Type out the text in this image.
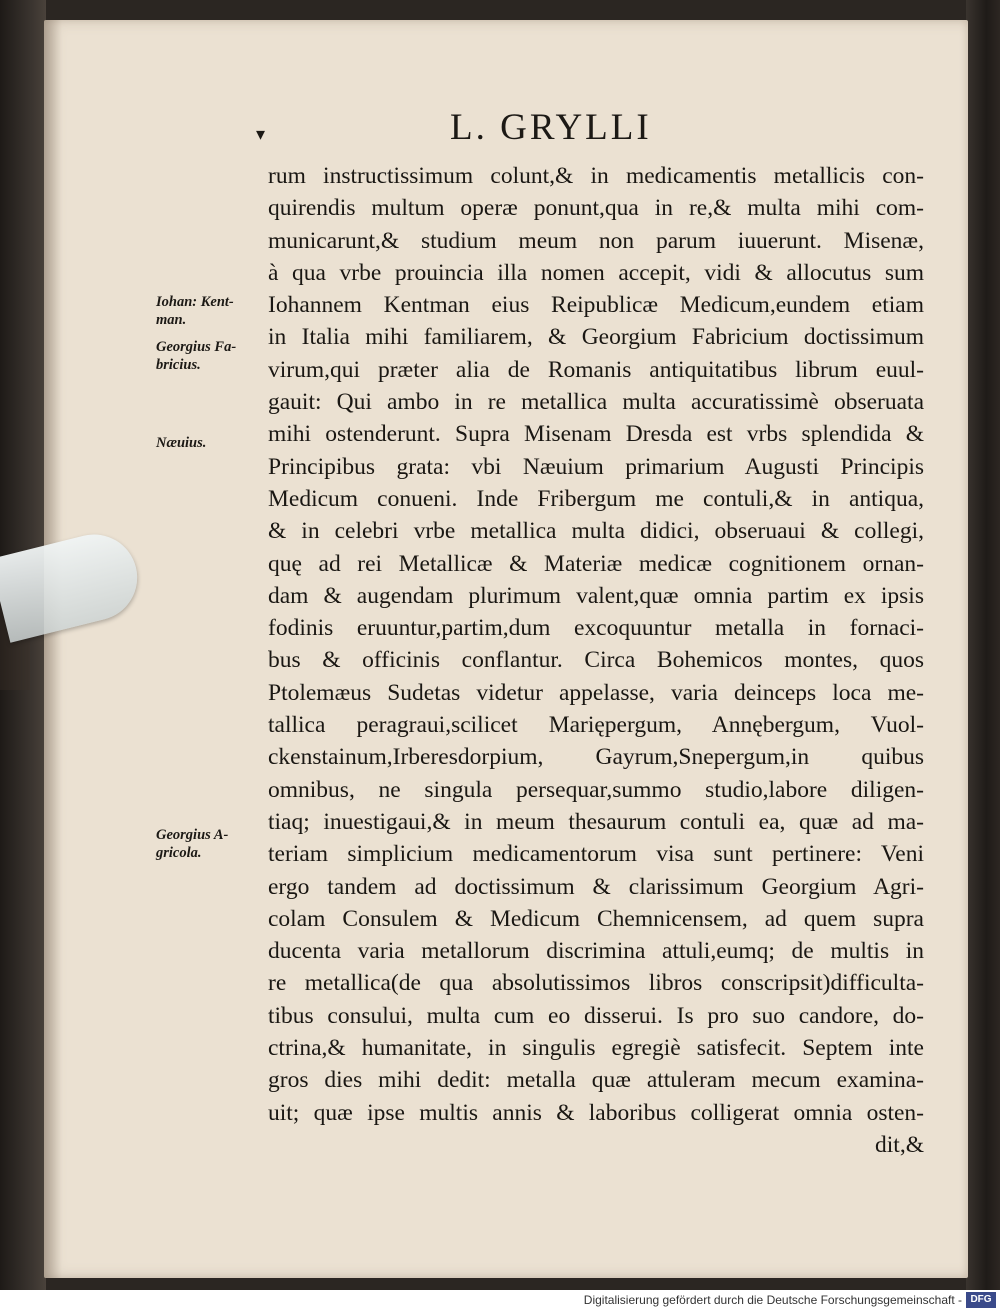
▾	L. GRYLLI
rum instructissimum colunt,& in medicamentis metallicis con-
quirendis multum operæ ponunt,qua in re,& multa mihi com-
municarunt,& studium meum non parum iuuerunt. Misenæ,
à qua vrbe prouincia illa nomen accepit, vidi & allocutus sum
Iohannem Kentman eius Reipublicæ Medicum,eundem etiam
in Italia mihi familiarem, & Georgium Fabricium doctissimum
virum,qui præter alia de Romanis antiquitatibus librum euul-
gauit: Qui ambo in re metallica multa accuratissimè obseruata
mihi ostenderunt. Supra Misenam Dresda est vrbs splendida &
Principibus grata: vbi Næuium primarium Augusti Principis
Medicum conueni. Inde Fribergum me contuli,& in antiqua,
& in celebri vrbe metallica multa didici, obseruaui & collegi,
quę ad rei Metallicæ & Materiæ medicæ cognitionem ornan-
dam & augendam plurimum valent,quæ omnia partim ex ipsis
fodinis eruuntur,partim,dum excoquuntur metalla in fornaci-
bus & officinis conflantur. Circa Bohemicos montes, quos
Ptolemæus Sudetas videtur appelasse, varia deinceps loca me-
tallica peragraui,scilicet Mariępergum, Annębergum, Vuol-
ckenstainum,Irberesdorpium, Gayrum,Snepergum,in quibus
omnibus, ne singula persequar,summo studio,labore diligen-
tiaq; inuestigaui,& in meum thesaurum contuli ea, quæ ad ma-
teriam simplicium medicamentorum visa sunt pertinere: Veni
ergo tandem ad doctissimum & clarissimum Georgium Agri-
colam Consulem & Medicum Chemnicensem, ad quem supra
ducenta varia metallorum discrimina attuli,eumq; de multis in
re metallica(de qua absolutissimos libros conscripsit)difficulta-
tibus consului, multa cum eo disserui. Is pro suo candore, do-
ctrina,& humanitate, in singulis egregiè satisfecit. Septem inte
gros dies mihi dedit: metalla quæ attuleram mecum examina-
uit; quæ ipse multis annis & laboribus colligerat omnia osten-
dit,&
Iohan: Kent-
man.
Georgius Fa-
bricius.
Næuius.
Georgius A-
gricola.
Digitalisierung gefördert durch die Deutsche Forschungsgemeinschaft - DFG
